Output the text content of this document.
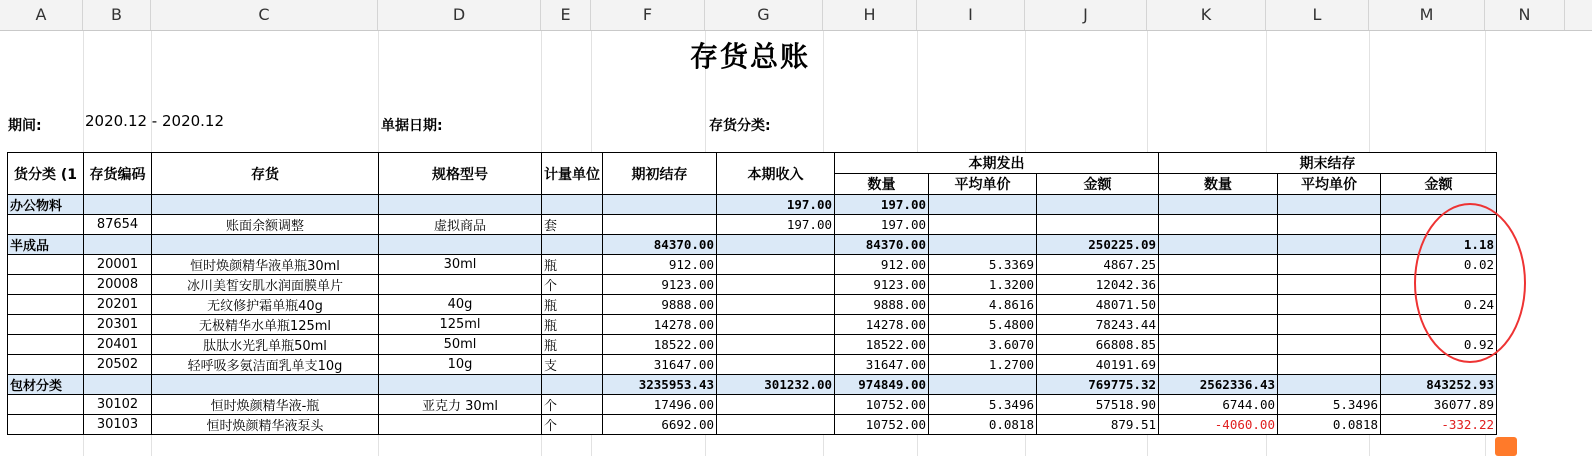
A	B	C	D	E	F	G	H	I	J	K	L	M	N
存货总账
期间:	2020.12 - 2020.12	单据日期:	存货分类:
货分类 (1	存货编码	存货	规格型号	计量单位	期初结存	本期收入	本期发出			期末结存		
							数量	平均单价	金额	数量	平均单价	金额
办公物料						197.00	197.00					
	87654	账面余额调整	虚拟商品	套		197.00	197.00					
半成品					84370.00		84370.00		250225.09			1.18
	20001	恒时焕颜精华液单瓶30ml	30ml	瓶	912.00		912.00	5.3369	4867.25			0.02
	20008	冰川美皙安肌水润面膜单片		个	9123.00		9123.00	1.3200	12042.36			
	20201	无纹修护霜单瓶40g	40g	瓶	9888.00		9888.00	4.8616	48071.50			0.24
	20301	无极精华水单瓶125ml	125ml	瓶	14278.00		14278.00	5.4800	78243.44			
	20401	肽肽水光乳单瓶50ml	50ml	瓶	18522.00		18522.00	3.6070	66808.85			0.92
	20502	轻呼吸多氨洁面乳单支10g	10g	支	31647.00		31647.00	1.2700	40191.69			
包材分类					3235953.43	301232.00	974849.00		769775.32	2562336.43		843252.93
	30102	恒时焕颜精华液-瓶	亚克力 30ml	个	17496.00		10752.00	5.3496	57518.90	6744.00	5.3496	36077.89
	30103	恒时焕颜精华液泵头		个	6692.00		10752.00	0.0818	879.51	-4060.00	0.0818	-332.22
